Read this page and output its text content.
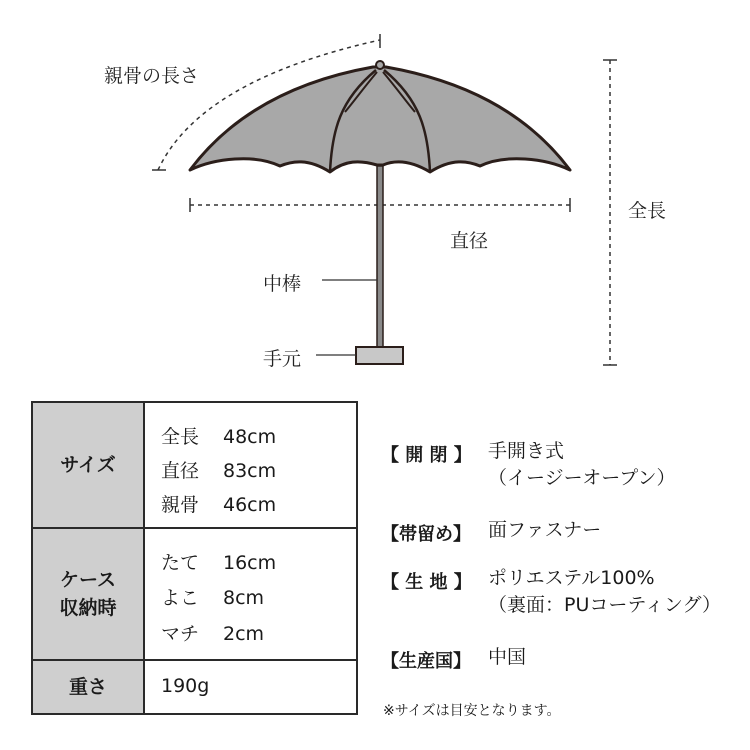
親骨の長さ
全長
直径
中棒
手元
サイズ
全長 48cm
直径 83cm
親骨 46cm
ケース
収納時
たて 16cm
よこ 8cm
マチ 2cm
重さ	190g
【 開 閉 】 手開き式
（イージーオープン）
【帯留め】 面ファスナー
【 生 地 】 ポリエステル100%
（裏面：PUコーティング）
【生産国】 中国
※サイズは目安となります。
